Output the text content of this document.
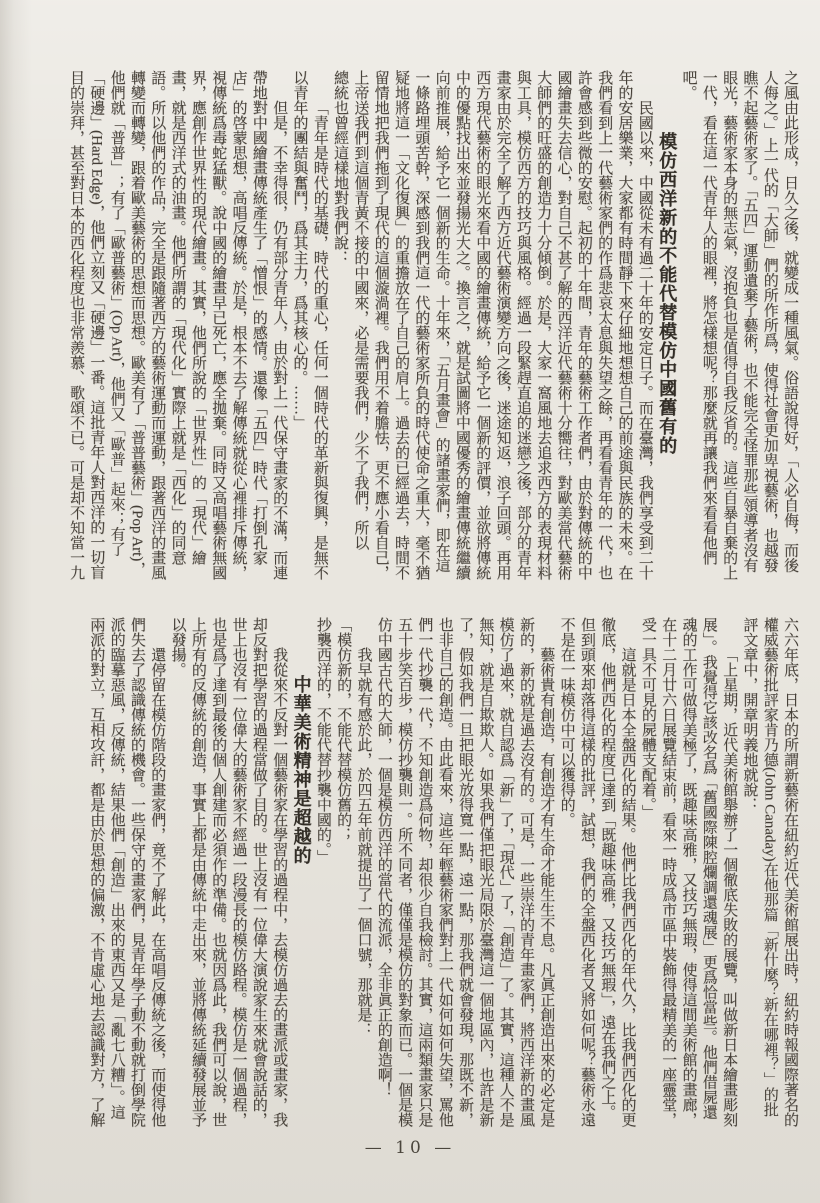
之風由此形成，日久之後，就變成一種風氣。俗語說得好，「人必自侮，而後人侮之。」上一代的「大師」們的所作所爲，使得社會更加卑視藝術，也越發瞧不起藝術家了。「五四」運動遺棄了藝術，也不能完全怪罪那些領導者沒有眼光，藝術家本身的無志氣，沒抱負也是值得自我反省的。這些自暴自棄的上一代，看在這一代青年人的眼裡，將怎樣想呢？那麼就再讓我們來看看他們吧。

模仿西洋新的不能代替模仿中國舊有的

民國以來，中國從未有過二十年的安定日子。而在臺灣，我們享受到二十年的安居樂業，大家都有時間靜下來仔細地想想自己的前途與民族的未來。在我們看到上一代藝術家們的作爲悲哀太息與失望之餘，再看看青年的一代，也許會感到些微的安慰。起初的十年間，青年的藝術工作者們，由於對傳統的中國繪畫失去信心，對自己不甚了解的西洋近代藝術十分嚮往，對歐美當代藝術大師們的旺盛的創造力十分傾倒。於是，大家一窩風地去追求西方的表現材料與工具，模仿西方的技巧與風格。經過一段緊趕直追的迷戀之後，部分的青年畫家由於完全了解了西方近代藝術演變方向之後，迷途知返，浪子回頭。再用西方現代藝術的眼光來看中國的繪畫傳統，給予它一個新的評價，並欲將傳統中的優點找出來並發揚光大之。換言之，就是試圖將中國優秀的繪畫傳統繼續向前推展，給予它一個新的生命。十年來，「五月畫會」的諸畫家們，即在這一條路埋頭苦幹，深感到我們這一代的藝術家所負的時代使命之重大，毫不猶疑地將這一「文化復興」的重擔放在了自己的肩上。過去的已經過去，時間不留情地把我們拖到了現代的這個漩渦裡。我們用不着膽怯，更不應小看自己，上帝送我們到這個青黃不接的中國來，必是需要我們，少不了我們，所以

總統也曾經這樣地對我們說：

「青年是時代的基礎，時代的重心，任何一個時代的革新與復興，是無不以青年的團結與奮鬥，爲其主力，爲其核心的。……」

但是，不幸得很，仍有部分青年人，由於對上一代保守畫家的不滿，而連帶地對中國繪畫傳統產生了「憎恨」的感情。還像「五四」時代「打倒孔家店」的啓蒙思想，高唱反傳統。於是，根本不去了解傳統就從心裡排斥傳統，視傳統爲毒蛇猛獸。說中國的繪畫早已死亡，應全拋棄。同時又高唱藝術無國界，應創作世界性的現代繪畫。其實，他們所說的「世界性」的「現代」繪畫，就是西洋式的油畫。他們所謂的「現代化」實際上就是「西化」的同意語。所以他們的作品，完全是跟隨著西方的藝術運動而運動，跟著西洋的畫風轉變而轉變，跟着歐美藝術的思想而思想。歐美有了「普普藝術」(Pop Art)，他們就「普普」；有了「歐普藝術」(Op Art)，他們又「歐普」起來；有了「硬邊」(Hard Edge)，他們立刻又「硬邊」一番。這批青年人對西洋的一切盲目的崇拜，甚至對日本的西化程度也非常羨慕、歌頌不已。可是却不知當一九

六六年底，日本的所謂新藝術在紐約近代美術館展出時，紐約時報國際著名的權威藝術批評家肯乃德(John Canaday)在他那篇「新什麼？新在哪裡？」的批評文章中，開章明義地就說：

「上星期，近代美術館舉辦了一個徹底失敗的展覽，叫做新日本繪畫彫刻展」。我覺得它該改名爲「舊國際陳腔爛調還魂展」更爲恰當些。他們借屍還魂的工作可做得美極了，既趣味高雅，又技巧無瑕，使得這間美術館的畫廊，在十二月廿六日展覽結束前，看來一時成爲市區中裝飾得最精美的一座靈堂，受一具不可見的屍體支配着。」

這就是日本全盤西化的結果。他們比我們西化的年代久，比我們西化的更徹底，他們西化的程度已達到「既趣味高雅，又技巧無瑕」，遠在我們之上。但到頭來却落得這樣的批評，試想，我們的全盤西化者又將如何呢？藝術永遠不是在一味模仿中可以獲得的。

藝術貴有創造，有創造才有生命才能生生不息。凡眞正創造出來的必定是新的，新的就是過去沒有的。可是，一些崇洋的青年畫家們，將西洋新的畫風模仿了過來，就自認爲「新」了，「現代」了，「創造」了。其實，這種人不是無知，就是自欺欺人。如果我們僅把眼光局限於臺灣這一個地區內，也許是新了，假如我們一旦把眼光放得寬一點，遠一點，那我們就會發現，那既不新，也非自己的創造。由此看來，這些年輕藝術家們對上一代如何如何失望，罵他們一代抄襲一代，不知創造爲何物，却很少自我檢討。其實，這兩類畫家只是五十步笑百步，模仿抄襲則一。所不同者，僅僅是模仿的對象而已。一個是模仿中國古代的大師，一個是模仿西洋的當代的流派，全非眞正的創造啊！

我早就有感於此，於四五年前就提出了一個口號，那就是：

「模仿新的，不能代替模仿舊的；
抄襲西洋的，不能代替抄襲中國的。」
中華美術精神是超越的

我從來不反對一個藝術家在學習的過程中，去模仿過去的畫派或畫家，我却反對把學習的過程當做了目的。世上沒有一位偉大演說家生來就會說話的，世上也沒有一位偉大的藝術家不經過一段漫長的模仿路程。模仿是一個過程，也是爲了達到最後的個人創建而必須作的準備。也就因爲此，我們可以說，世上所有的反傳統的創造，事實上都是由傳統中走出來，並將傳統延續發展並予以發揚。

還停留在模仿階段的畫家們，竟不了解此，在高唱反傳統之後，而使得他們失去了認識傳統的機會。一些保守的畫家們，見青年學子動不動就打倒學院派的臨摹惡風，反傳統，結果他們「創造」出來的東西又是「亂七八糟」。這兩派的對立，互相攻訐，都是由於思想的偏激，不肯虛心地去認識對方，了解

— 10 —
